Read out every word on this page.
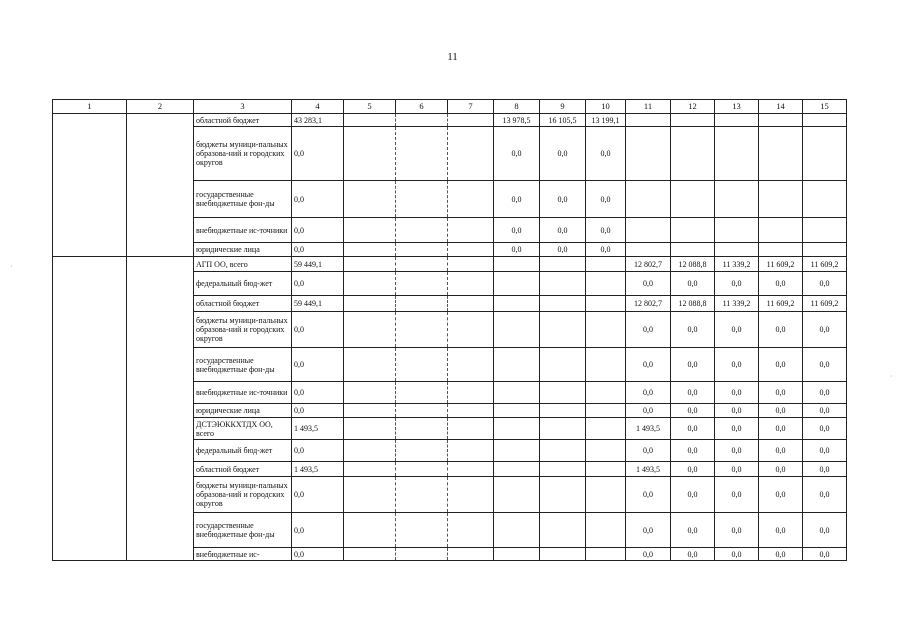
11
1	2	3	4	5	6	7	8	9	10	11	12	13	14	15
		областной бюджет	43 283,1				13 978,5	16 105,5	13 199,1					
		бюджеты муници-пальных образова-ний и городских округов	0,0				0,0	0,0	0,0					
		государственные внебюджетные фон-ды	0,0				0,0	0,0	0,0					
		внебюджетные ис-точники	0,0				0,0	0,0	0,0					
		юридические лица	0,0				0,0	0,0	0,0					
		АГП ОО, всего	59 449,1							12 802,7	12 088,8	11 339,2	11 609,2	11 609,2
		федеральный бюд-жет	0,0							0,0	0,0	0,0	0,0	0,0
		областной бюджет	59 449,1							12 802,7	12 088,8	11 339,2	11 609,2	11 609,2
		бюджеты муници-пальных образова-ний и городских округов	0,0							0,0	0,0	0,0	0,0	0,0
		государственные внебюджетные фон-ды	0,0							0,0	0,0	0,0	0,0	0,0
		внебюджетные ис-точники	0,0							0,0	0,0	0,0	0,0	0,0
		юридические лица	0,0							0,0	0,0	0,0	0,0	0,0
		ДСТЭЮККХТДХ ОО, всего	1 493,5							1 493,5	0,0	0,0	0,0	0,0
		федеральный бюд-жет	0,0							0,0	0,0	0,0	0,0	0,0
		областной бюджет	1 493,5							1 493,5	0,0	0,0	0,0	0,0
		бюджеты муници-пальных образова-ний и городских округов	0,0							0,0	0,0	0,0	0,0	0,0
		государственные внебюджетные фон-ды	0,0							0,0	0,0	0,0	0,0	0,0
		внебюджетные ис-	0,0							0,0	0,0	0,0	0,0	0,0
·
·
